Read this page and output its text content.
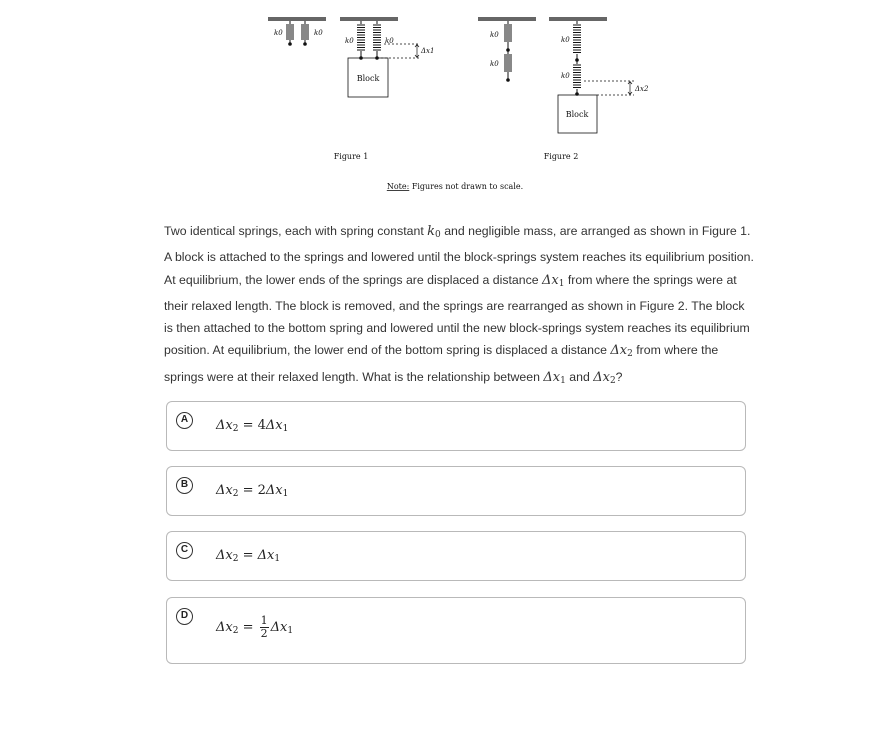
k0	k0
k0	k0
Δx1
k0
k0
k0
k0
Δx2
Block
Block
Figure 1	Figure 2
Note: Figures not drawn to scale.
Two identical springs, each with spring constant $k_0$ and negligible mass, are arranged as shown in Figure 1. A block is attached to the springs and lowered until the block-springs system reaches its equilibrium position. At equilibrium, the lower ends of the springs are displaced a distance $\Delta x_1$ from where the springs were at their relaxed length. The block is removed, and the springs are rearranged as shown in Figure 2. The block is then attached to the bottom spring and lowered until the new block-springs system reaches its equilibrium position. At equilibrium, the lower end of the bottom spring is displaced a distance $\Delta x_2$ from where the springs were at their relaxed length. What is the relationship between $\Delta x_1$ and $\Delta x_2$?
A	$\Delta x_2 = 4\Delta x_1$
B	$\Delta x_2 = 2\Delta x_1$
C	$\Delta x_2 = \Delta x_1$
D
$\Delta x_2 = \frac{1}{2} \Delta x_1$
